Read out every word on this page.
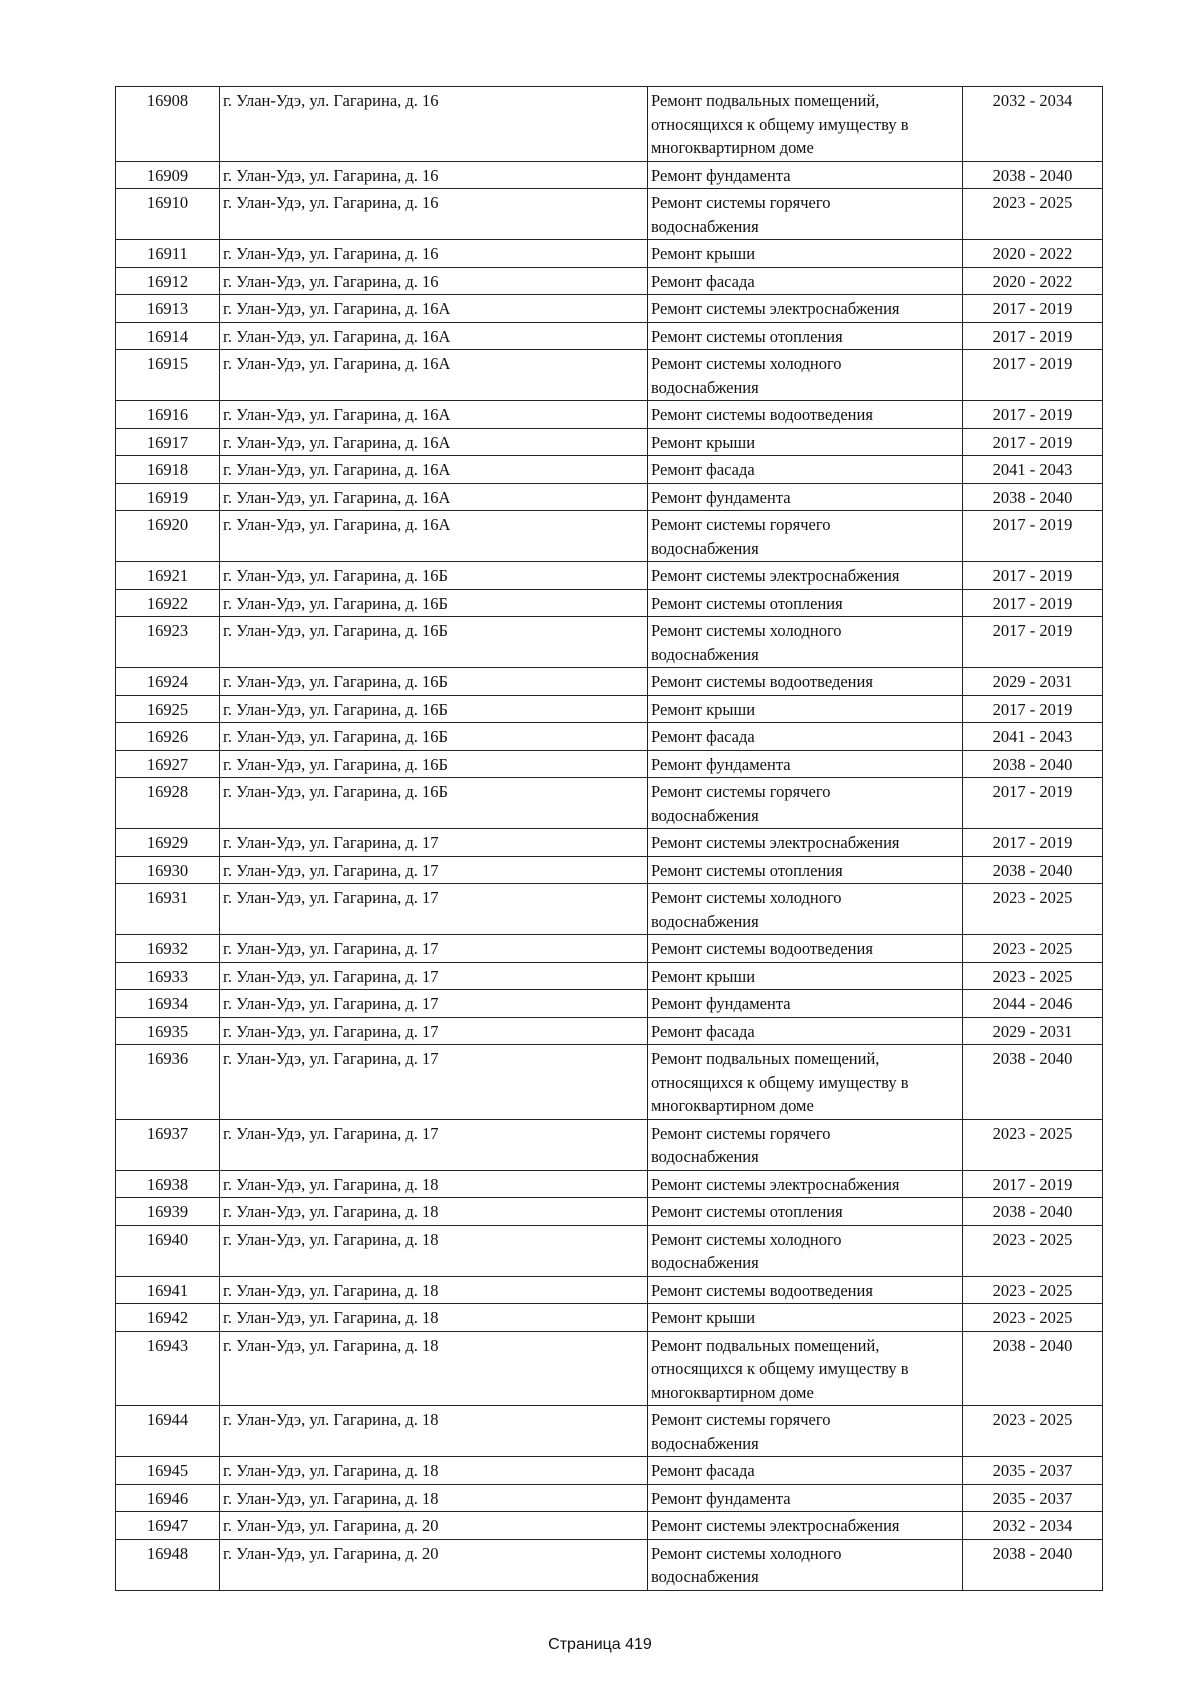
16908	г. Улан-Удэ, ул. Гагарина, д. 16	Ремонт подвальных помещений,
относящихся к общему имуществу в
многоквартирном доме	2032 - 2034
16909	г. Улан-Удэ, ул. Гагарина, д. 16	Ремонт фундамента	2038 - 2040
16910	г. Улан-Удэ, ул. Гагарина, д. 16	Ремонт системы горячего
водоснабжения	2023 - 2025
16911	г. Улан-Удэ, ул. Гагарина, д. 16	Ремонт крыши	2020 - 2022
16912	г. Улан-Удэ, ул. Гагарина, д. 16	Ремонт фасада	2020 - 2022
16913	г. Улан-Удэ, ул. Гагарина, д. 16А	Ремонт системы электроснабжения	2017 - 2019
16914	г. Улан-Удэ, ул. Гагарина, д. 16А	Ремонт системы отопления	2017 - 2019
16915	г. Улан-Удэ, ул. Гагарина, д. 16А	Ремонт системы холодного
водоснабжения	2017 - 2019
16916	г. Улан-Удэ, ул. Гагарина, д. 16А	Ремонт системы водоотведения	2017 - 2019
16917	г. Улан-Удэ, ул. Гагарина, д. 16А	Ремонт крыши	2017 - 2019
16918	г. Улан-Удэ, ул. Гагарина, д. 16А	Ремонт фасада	2041 - 2043
16919	г. Улан-Удэ, ул. Гагарина, д. 16А	Ремонт фундамента	2038 - 2040
16920	г. Улан-Удэ, ул. Гагарина, д. 16А	Ремонт системы горячего
водоснабжения	2017 - 2019
16921	г. Улан-Удэ, ул. Гагарина, д. 16Б	Ремонт системы электроснабжения	2017 - 2019
16922	г. Улан-Удэ, ул. Гагарина, д. 16Б	Ремонт системы отопления	2017 - 2019
16923	г. Улан-Удэ, ул. Гагарина, д. 16Б	Ремонт системы холодного
водоснабжения	2017 - 2019
16924	г. Улан-Удэ, ул. Гагарина, д. 16Б	Ремонт системы водоотведения	2029 - 2031
16925	г. Улан-Удэ, ул. Гагарина, д. 16Б	Ремонт крыши	2017 - 2019
16926	г. Улан-Удэ, ул. Гагарина, д. 16Б	Ремонт фасада	2041 - 2043
16927	г. Улан-Удэ, ул. Гагарина, д. 16Б	Ремонт фундамента	2038 - 2040
16928	г. Улан-Удэ, ул. Гагарина, д. 16Б	Ремонт системы горячего
водоснабжения	2017 - 2019
16929	г. Улан-Удэ, ул. Гагарина, д. 17	Ремонт системы электроснабжения	2017 - 2019
16930	г. Улан-Удэ, ул. Гагарина, д. 17	Ремонт системы отопления	2038 - 2040
16931	г. Улан-Удэ, ул. Гагарина, д. 17	Ремонт системы холодного
водоснабжения	2023 - 2025
16932	г. Улан-Удэ, ул. Гагарина, д. 17	Ремонт системы водоотведения	2023 - 2025
16933	г. Улан-Удэ, ул. Гагарина, д. 17	Ремонт крыши	2023 - 2025
16934	г. Улан-Удэ, ул. Гагарина, д. 17	Ремонт фундамента	2044 - 2046
16935	г. Улан-Удэ, ул. Гагарина, д. 17	Ремонт фасада	2029 - 2031
16936	г. Улан-Удэ, ул. Гагарина, д. 17	Ремонт подвальных помещений,
относящихся к общему имуществу в
многоквартирном доме	2038 - 2040
16937	г. Улан-Удэ, ул. Гагарина, д. 17	Ремонт системы горячего
водоснабжения	2023 - 2025
16938	г. Улан-Удэ, ул. Гагарина, д. 18	Ремонт системы электроснабжения	2017 - 2019
16939	г. Улан-Удэ, ул. Гагарина, д. 18	Ремонт системы отопления	2038 - 2040
16940	г. Улан-Удэ, ул. Гагарина, д. 18	Ремонт системы холодного
водоснабжения	2023 - 2025
16941	г. Улан-Удэ, ул. Гагарина, д. 18	Ремонт системы водоотведения	2023 - 2025
16942	г. Улан-Удэ, ул. Гагарина, д. 18	Ремонт крыши	2023 - 2025
16943	г. Улан-Удэ, ул. Гагарина, д. 18	Ремонт подвальных помещений,
относящихся к общему имуществу в
многоквартирном доме	2038 - 2040
16944	г. Улан-Удэ, ул. Гагарина, д. 18	Ремонт системы горячего
водоснабжения	2023 - 2025
16945	г. Улан-Удэ, ул. Гагарина, д. 18	Ремонт фасада	2035 - 2037
16946	г. Улан-Удэ, ул. Гагарина, д. 18	Ремонт фундамента	2035 - 2037
16947	г. Улан-Удэ, ул. Гагарина, д. 20	Ремонт системы электроснабжения	2032 - 2034
16948	г. Улан-Удэ, ул. Гагарина, д. 20	Ремонт системы холодного
водоснабжения	2038 - 2040
Страница 419
